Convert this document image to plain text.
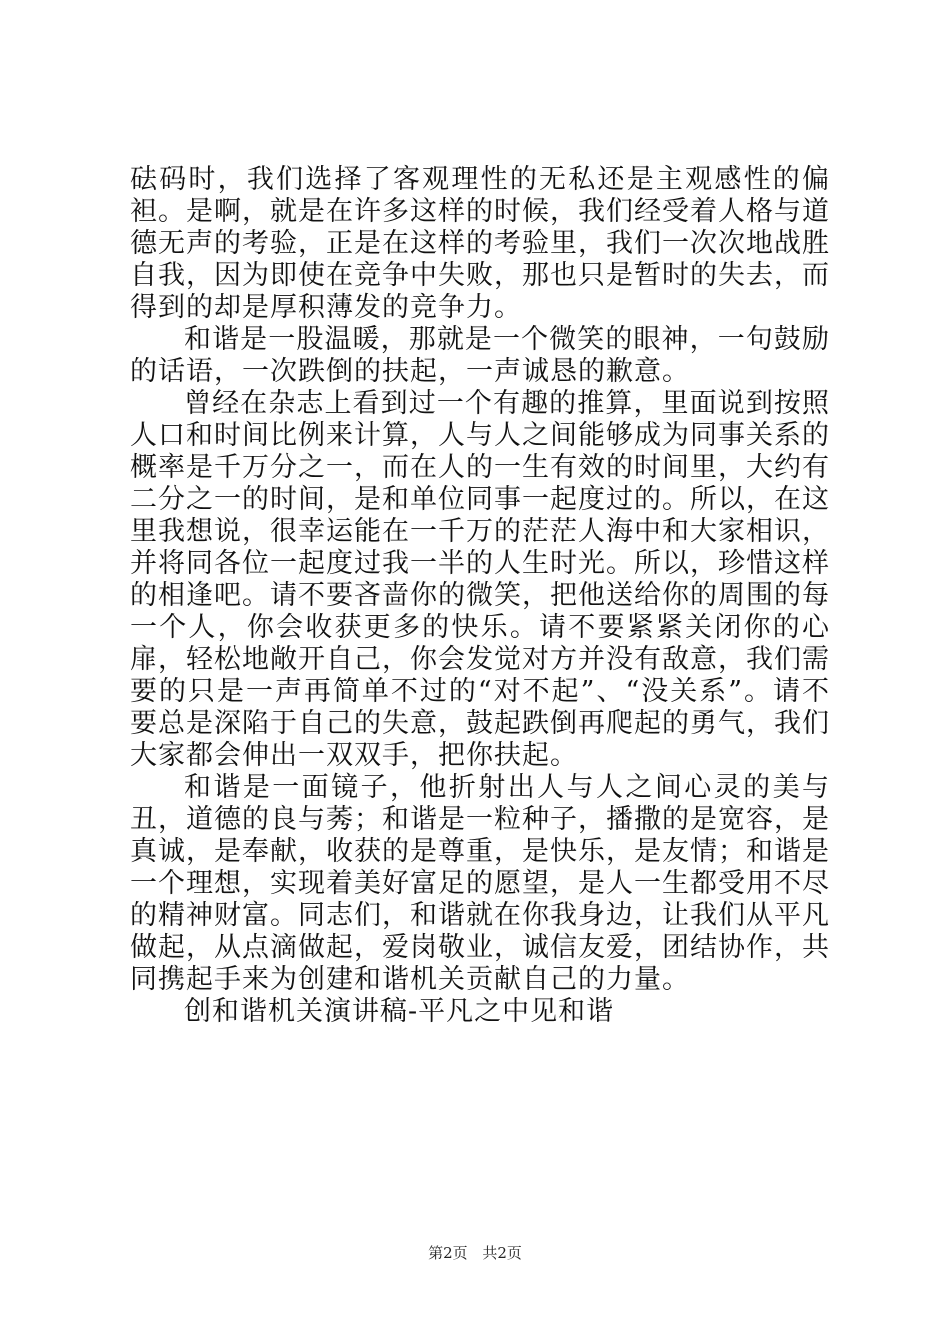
砝码时，我们选择了客观理性的无私还是主观感性的偏袒。是啊，就是在许多这样的时候，我们经受着人格与道德无声的考验，正是在这样的考验里，我们一次次地战胜自我，因为即使在竞争中失败，那也只是暂时的失去，而得到的却是厚积薄发的竞争力。

和谐是一股温暖，那就是一个微笑的眼神，一句鼓励的话语，一次跌倒的扶起，一声诚恳的歉意。

曾经在杂志上看到过一个有趣的推算，里面说到按照人口和时间比例来计算，人与人之间能够成为同事关系的概率是千万分之一，而在人的一生有效的时间里，大约有二分之一的时间，是和单位同事一起度过的。所以，在这里我想说，很幸运能在一千万的茫茫人海中和大家相识，并将同各位一起度过我一半的人生时光。所以，珍惜这样的相逢吧。请不要吝啬你的微笑，把他送给你的周围的每一个人，你会收获更多的快乐。请不要紧紧关闭你的心扉，轻松地敞开自己，你会发觉对方并没有敌意，我们需要的只是一声再简单不过的“对不起”、“没关系”。请不要总是深陷于自己的失意，鼓起跌倒再爬起的勇气，我们大家都会伸出一双双手，把你扶起。

和谐是一面镜子，他折射出人与人之间心灵的美与丑，道德的良与莠；和谐是一粒种子，播撒的是宽容，是真诚，是奉献，收获的是尊重，是快乐，是友情；和谐是一个理想，实现着美好富足的愿望，是人一生都受用不尽的精神财富。同志们，和谐就在你我身边，让我们从平凡做起，从点滴做起，爱岗敬业，诚信友爱，团结协作，共同携起手来为创建和谐机关贡献自己的力量。

创和谐机关演讲稿-平凡之中见和谐

第2页 共2页
